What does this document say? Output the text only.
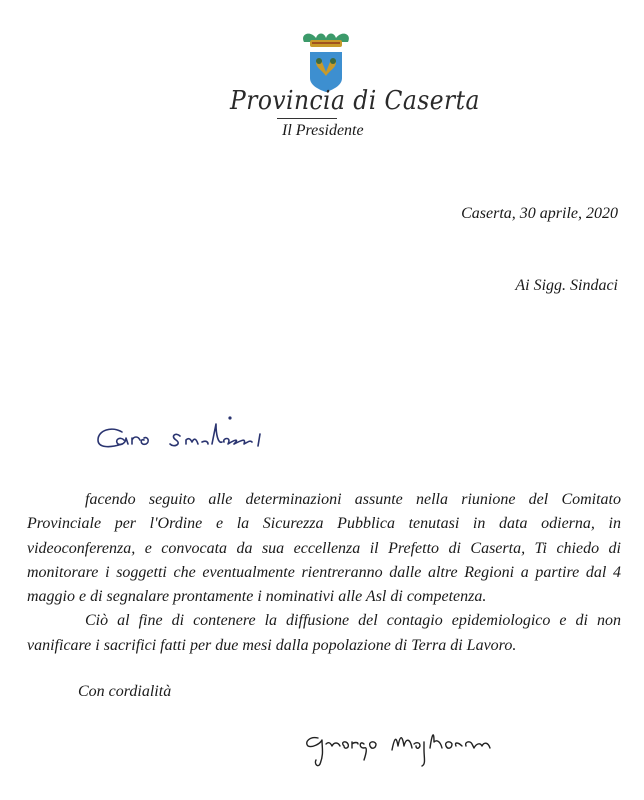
Provincia di Caserta
Il Presidente
Caserta, 30 aprile, 2020
Ai Sigg. Sindaci

facendo seguito alle determinazioni assunte nella riunione del Comitato Provinciale per l'Ordine e la Sicurezza Pubblica tenutasi in data odierna, in videoconferenza, e convocata da sua eccellenza il Prefetto di Caserta, Ti chiedo di monitorare i soggetti che eventualmente rientreranno dalle altre Regioni a partire dal 4 maggio e di segnalare prontamente i nominativi alle Asl di competenza.

Ciò al fine di contenere la diffusione del contagio epidemiologico e di non vanificare i sacrifici fatti per due mesi dalla popolazione di Terra di Lavoro.

Con cordialità
